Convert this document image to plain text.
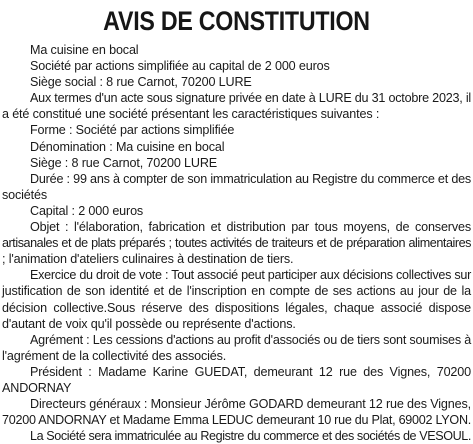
AVIS DE CONSTITUTION
Ma cuisine en bocal
Société par actions simplifiée au capital de 2 000 euros
Siège social : 8 rue Carnot, 70200 LURE
Aux termes d'un acte sous signature privée en date à LURE du 31 octobre 2023, il
a été constitué une société présentant les caractéristiques suivantes :
Forme : Société par actions simplifiée
Dénomination : Ma cuisine en bocal
Siège : 8 rue Carnot, 70200 LURE
Durée : 99 ans à compter de son immatriculation au Registre du commerce et des
sociétés
Capital : 2 000 euros
Objet : l'élaboration, fabrication et distribution par tous moyens, de conserves
artisanales et de plats préparés ; toutes activités de traiteurs et de préparation alimentaires
; l'animation d'ateliers culinaires à destination de tiers.
Exercice du droit de vote : Tout associé peut participer aux décisions collectives sur
justification de son identité et de l'inscription en compte de ses actions au jour de la
décision collective.Sous réserve des dispositions légales, chaque associé dispose
d'autant de voix qu'il possède ou représente d'actions.
Agrément : Les cessions d'actions au profit d'associés ou de tiers sont soumises à
l'agrément de la collectivité des associés.
Président : Madame Karine GUEDAT, demeurant 12 rue des Vignes, 70200
ANDORNAY
Directeurs généraux : Monsieur Jérôme GODARD demeurant 12 rue des Vignes,
70200 ANDORNAY et Madame Emma LEDUC demeurant 10 rue du Plat, 69002 LYON.
La Société sera immatriculée au Registre du commerce et des sociétés de VESOUL.
